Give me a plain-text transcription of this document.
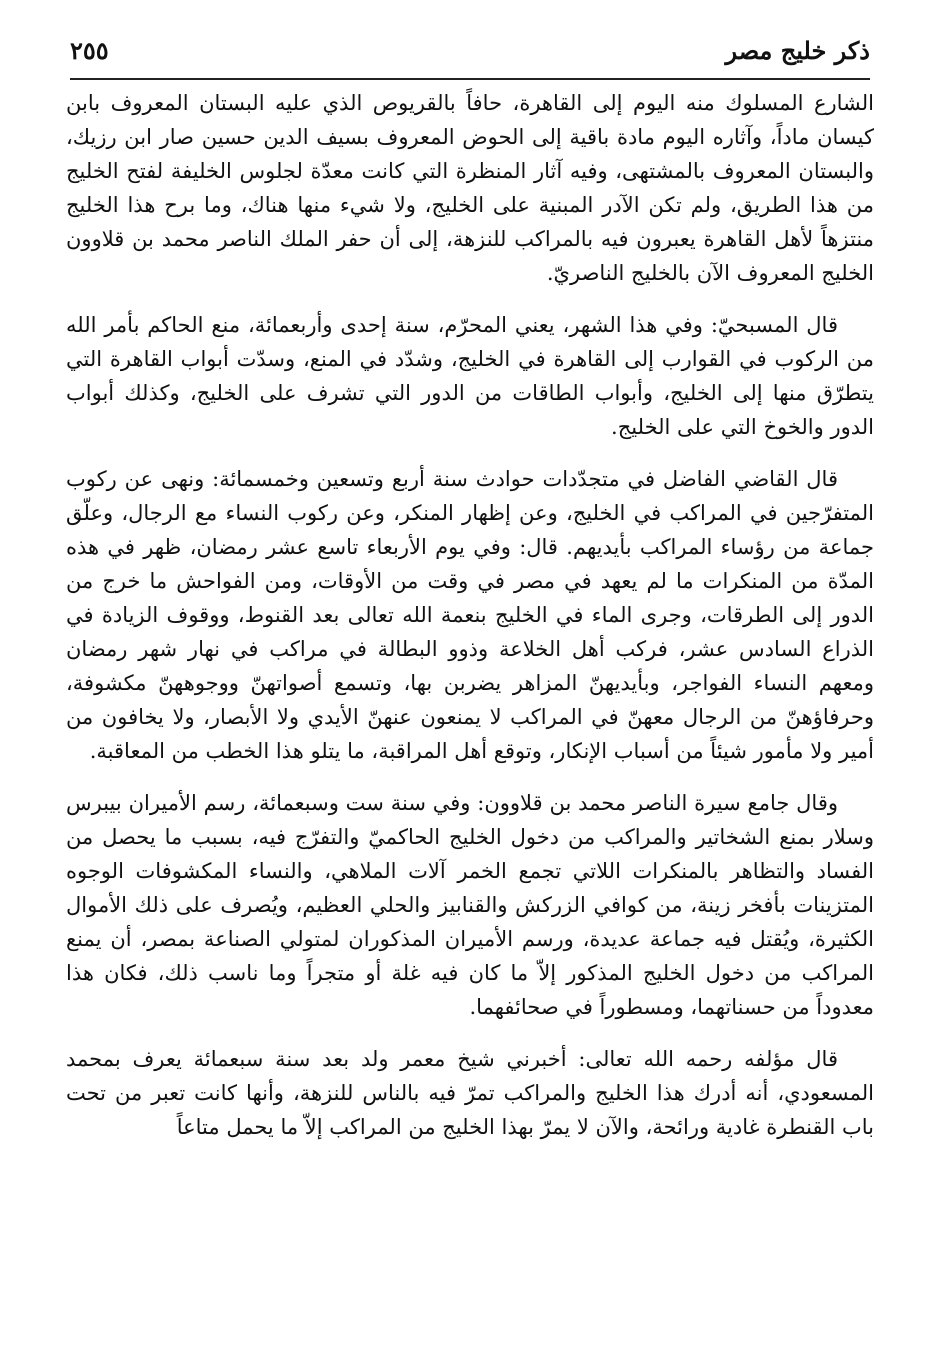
ذكر خليج مصر
٢٥٥

الشارع المسلوك منه اليوم إلى القاهرة، حافاً بالقريوص الذي عليه البستان المعروف بابن كيسان ماداً، وآثاره اليوم مادة باقية إلى الحوض المعروف بسيف الدين حسين صار ابن رزيك، والبستان المعروف بالمشتهى، وفيه آثار المنظرة التي كانت معدّة لجلوس الخليفة لفتح الخليج من هذا الطريق، ولم تكن الآدر المبنية على الخليج، ولا شيء منها هناك، وما برح هذا الخليج منتزهاً لأهل القاهرة يعبرون فيه بالمراكب للنزهة، إلى أن حفر الملك الناصر محمد بن قلاوون الخليج المعروف الآن بالخليج الناصريّ.

قال المسبحيّ: وفي هذا الشهر، يعني المحرّم، سنة إحدى وأربعمائة، منع الحاكم بأمر الله من الركوب في القوارب إلى القاهرة في الخليج، وشدّد في المنع، وسدّت أبواب القاهرة التي يتطرّق منها إلى الخليج، وأبواب الطاقات من الدور التي تشرف على الخليج، وكذلك أبواب الدور والخوخ التي على الخليج.

قال القاضي الفاضل في متجدّدات حوادث سنة أربع وتسعين وخمسمائة: ونهى عن ركوب المتفرّجين في المراكب في الخليج، وعن إظهار المنكر، وعن ركوب النساء مع الرجال، وعلّق جماعة من رؤساء المراكب بأيديهم. قال: وفي يوم الأربعاء تاسع عشر رمضان، ظهر في هذه المدّة من المنكرات ما لم يعهد في مصر في وقت من الأوقات، ومن الفواحش ما خرج من الدور إلى الطرقات، وجرى الماء في الخليج بنعمة الله تعالى بعد القنوط، ووقوف الزيادة في الذراع السادس عشر، فركب أهل الخلاعة وذوو البطالة في مراكب في نهار شهر رمضان ومعهم النساء الفواجر، وبأيديهنّ المزاهر يضربن بها، وتسمع أصواتهنّ ووجوههنّ مكشوفة، وحرفاؤهنّ من الرجال معهنّ في المراكب لا يمنعون عنهنّ الأيدي ولا الأبصار، ولا يخافون من أمير ولا مأمور شيئاً من أسباب الإنكار، وتوقع أهل المراقبة، ما يتلو هذا الخطب من المعاقبة.

وقال جامع سيرة الناصر محمد بن قلاوون: وفي سنة ست وسبعمائة، رسم الأميران بيبرس وسلار بمنع الشخاتير والمراكب من دخول الخليج الحاكميّ والتفرّج فيه، بسبب ما يحصل من الفساد والتظاهر بالمنكرات اللاتي تجمع الخمر آلات الملاهي، والنساء المكشوفات الوجوه المتزينات بأفخر زينة، من كوافي الزركش والقنابيز والحلي العظيم، ويُصرف على ذلك الأموال الكثيرة، ويُقتل فيه جماعة عديدة، ورسم الأميران المذكوران لمتولي الصناعة بمصر، أن يمنع المراكب من دخول الخليج المذكور إلاّ ما كان فيه غلة أو متجراً وما ناسب ذلك، فكان هذا معدوداً من حسناتهما، ومسطوراً في صحائفهما.

قال مؤلفه رحمه الله تعالى: أخبرني شيخ معمر ولد بعد سنة سبعمائة يعرف بمحمد المسعودي، أنه أدرك هذا الخليج والمراكب تمرّ فيه بالناس للنزهة، وأنها كانت تعبر من تحت باب القنطرة غادية ورائحة، والآن لا يمرّ بهذا الخليج من المراكب إلاّ ما يحمل متاعاً
